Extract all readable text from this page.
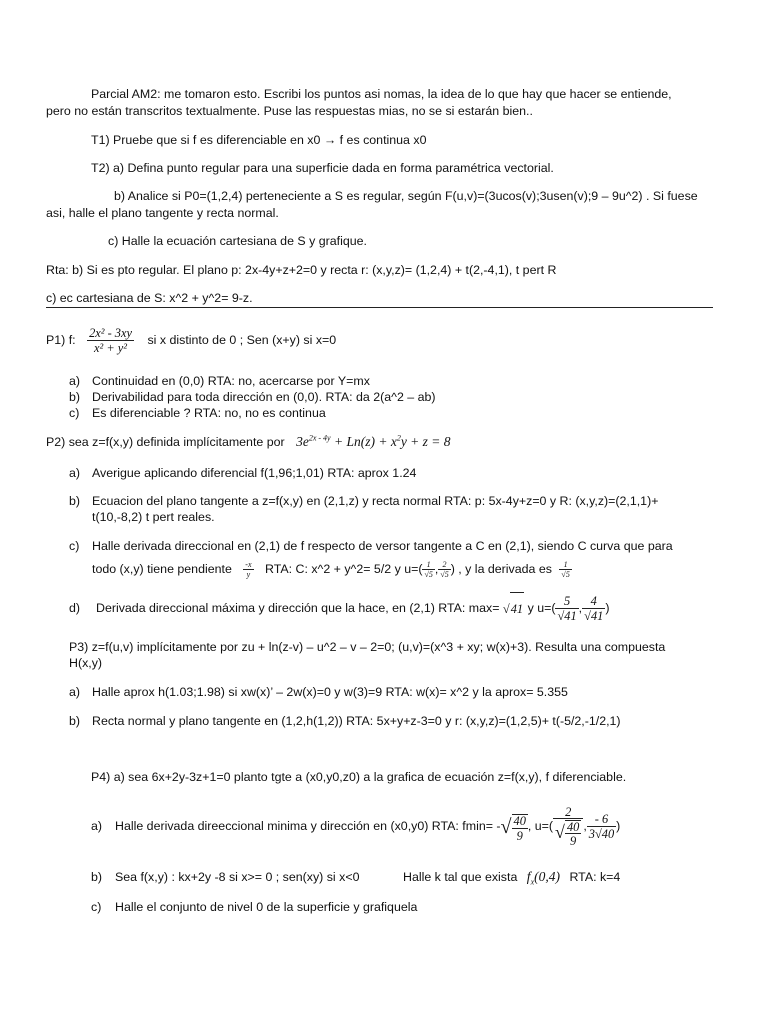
Parcial AM2: me tomaron esto. Escribi los puntos asi nomas, la idea de lo que hay que hacer se entiende,
pero no están transcritos textualmente. Puse las respuestas mias, no se si estarán bien..
T1) Pruebe que si f es diferenciable en x0 → f es continua x0
T2) a) Defina punto regular para una superficie dada en forma paramétrica vectorial.
b) Analice si P0=(1,2,4) perteneciente a S es regular, según F(u,v)=(3ucos(v);3usen(v);9 – 9u^2) . Si fuese
asi, halle el plano tangente y recta normal.
c) Halle la ecuación cartesiana de S y grafique.
Rta: b) Si es pto regular. El plano p: 2x-4y+z+2=0 y recta r: (x,y,z)= (1,2,4) + t(2,-4,1), t pert R
c) ec cartesiana de S: x^2 + y^2= 9-z.
P1) f: $\frac{\text{2x² - 3xy}}{\text{x² + y²}}$ si x distinto de 0 ; Sen (x+y) si x=0
a) Continuidad en (0,0) RTA: no, acercarse por Y=mx
b) Derivabilidad para toda dirección en (0,0). RTA: da 2(a^2 – ab)
c) Es diferenciable ? RTA: no, no es continua
P2) sea z=f(x,y) definida implícitamente por $3e^{2x - 4y} + Ln(z) + x^2y + z = 8$
a) Averigue aplicando diferencial f(1,96;1,01) RTA: aprox 1.24
b) Ecuacion del plano tangente a z=f(x,y) en (2,1,z) y recta normal RTA: p: 5x-4y+z=0 y R: (x,y,z)=(2,1,1)+
t(10,-8,2) t pert reales.
c) Halle derivada direccional en (2,1) de f respecto de versor tangente a C en (2,1), siendo C curva que para
todo (x,y) tiene pendiente $\frac{-x}{y}$ RTA: C: x^2 + y^2= 5/2 y $u=( \frac{1}{√5}$ , $\frac{2}{√5}$ ) , y la derivada es $\frac{1}{√5}$
d) Derivada direccional máxima y dirección que la hace, en (2,1) RTA: max= √41 y $u=( \frac{5}{√41}$ , $\frac{4}{√41}$ )
P3) z=f(u,v) implícitamente por zu + ln(z-v) – u^2 – v – 2=0; (u,v)=(x^3 + xy; w(x)+3). Resulta una compuesta
H(x,y)
a) Halle aprox h(1.03;1.98) si xw(x)’ – 2w(x)=0 y w(3)=9 RTA: w(x)= x^2 y la aprox= 5.355
b) Recta normal y plano tangente en (1,2,h(1,2)) RTA: 5x+y+z-3=0 y r: (x,y,z)=(1,2,5)+ t(-5/2,-1/2,1)
P4) a) sea 6x+2y-3z+1=0 planto tgte a (x0,y0,z0) a la grafica de ecuación z=f(x,y), f diferenciable.
a) Halle derivada direeccional minima y dirección en (x0,y0) RTA: fmin= -√ $\frac{40}{9}$ , $u=( \frac{2}{√ \frac{40}{9}}$ , $\frac{- 6}{3√40}$ )
b) Sea f(x,y) : kx+2y -8 si x>= 0 ; sen(xy) si x<0	Halle k tal que exista $f_x(0,4)$ RTA: k=4
c) Halle el conjunto de nivel 0 de la superficie y grafiquela
